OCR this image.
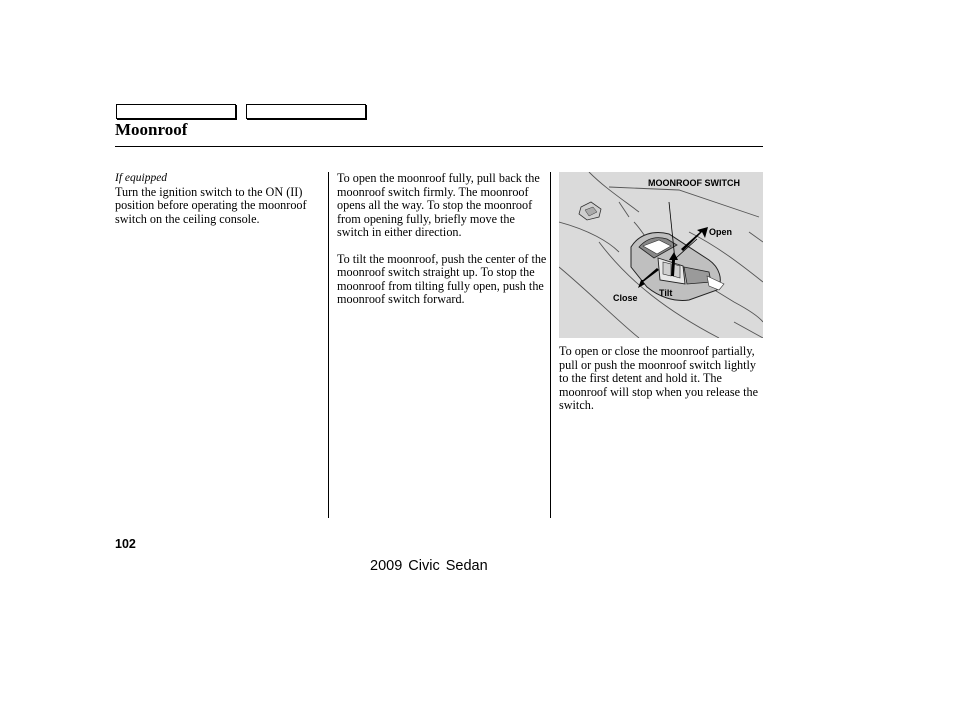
Moonroof

If equipped

Turn the ignition switch to the ON (II) position before operating the moonroof switch on the ceiling console.

To open the moonroof fully, pull back the moonroof switch firmly. The moonroof opens all the way. To stop the moonroof from opening fully, briefly move the switch in either direction.

To tilt the moonroof, push the center of the moonroof switch straight up. To stop the moonroof from tilting fully open, push the moonroof switch forward.

MOONROOF SWITCH
Open
Close Tilt

To open or close the moonroof partially, pull or push the moonroof switch lightly to the first detent and hold it. The moonroof will stop when you release the switch.

102
2009 Civic Sedan
